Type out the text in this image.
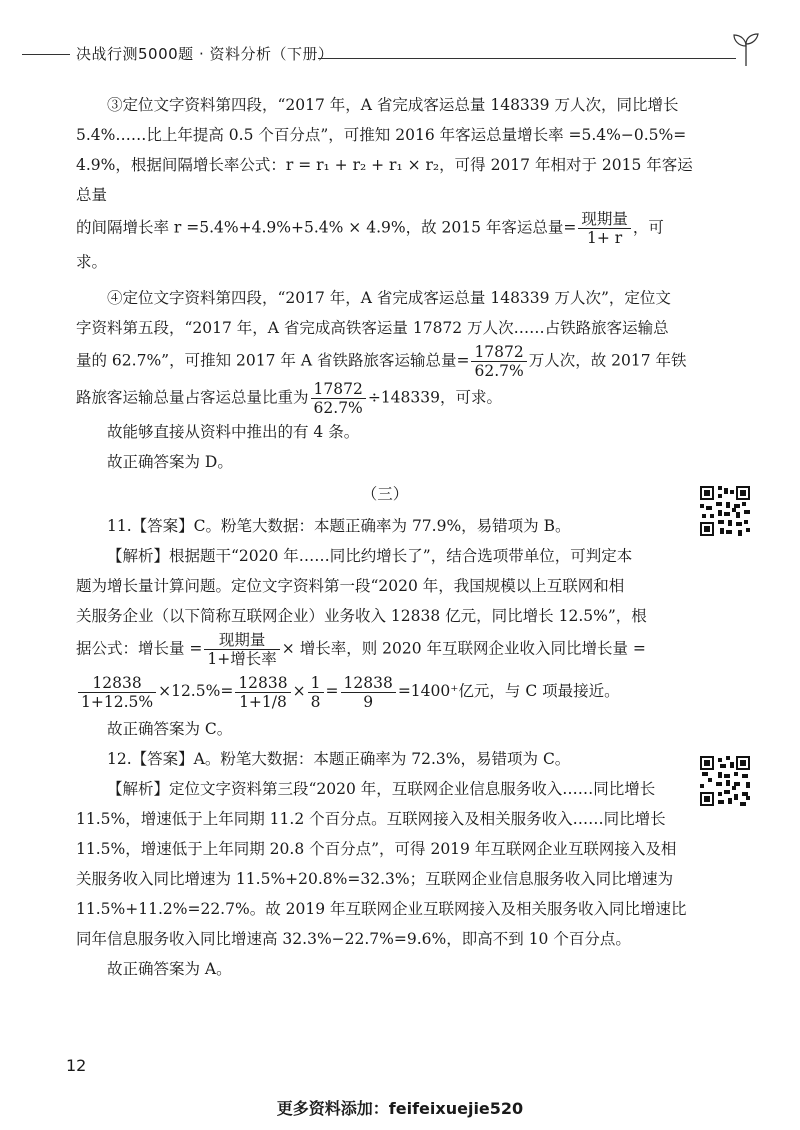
决战行测5000题 · 资料分析（下册）

③定位文字资料第四段，“2017 年，A 省完成客运总量 148339 万人次，同比增长

5.4%……比上年提高 0.5 个百分点”，可推知 2016 年客运总量增长率 =5.4%−0.5%=

4.9%，根据间隔增长率公式：r = r₁ + r₂ + r₁ × r₂，可得 2017 年相对于 2015 年客运总量

的间隔增长率 r =5.4%+4.9%+5.4% × 4.9%，故 2015 年客运总量= $\frac{\text{现期量}}{1+ r}$ ，可求。

④定位文字资料第四段，“2017 年，A 省完成客运总量 148339 万人次”，定位文

字资料第五段，“2017 年，A 省完成高铁客运量 17872 万人次……占铁路旅客运输总

量的 62.7%”，可推知 2017 年 A 省铁路旅客运输总量= $\frac{17872}{62.7\%}$ 万人次，故 2017 年铁

路旅客运输总量占客运总量比重为 $\frac{17872}{62.7\%} \div 148339$，可求。

故能够直接从资料中推出的有 4 条。

故正确答案为 D。

（三）

11.【答案】C。粉笔大数据：本题正确率为 77.9%，易错项为 B。

【解析】根据题干“2020 年……同比约增长了”，结合选项带单位，可判定本

题为增长量计算问题。定位文字资料第一段“2020 年，我国规模以上互联网和相

关服务企业（以下简称互联网企业）业务收入 12838 亿元，同比增长 12.5%”，根

据公式：增长量 = $\frac{\text{现期量}}{\text{1+增长率}}$ × 增长率，则 2020 年互联网企业收入同比增长量 =

$\frac{12838}{1+12.5\%} \times 12.5\%= \frac{12838}{1+1/8} \times \frac{1}{8} = \frac{12838}{9} =1400^+$亿元，与 C 项最接近。

故正确答案为 C。

12.【答案】A。粉笔大数据：本题正确率为 72.3%，易错项为 C。

【解析】定位文字资料第三段“2020 年，互联网企业信息服务收入……同比增长

11.5%，增速低于上年同期 11.2 个百分点。互联网接入及相关服务收入……同比增长

11.5%，增速低于上年同期 20.8 个百分点”，可得 2019 年互联网企业互联网接入及相

关服务收入同比增速为 11.5%+20.8%=32.3%；互联网企业信息服务收入同比增速为

11.5%+11.2%=22.7%。故 2019 年互联网企业互联网接入及相关服务收入同比增速比

同年信息服务收入同比增速高 32.3%−22.7%=9.6%，即高不到 10 个百分点。

故正确答案为 A。

12
更多资料添加：feifeixuejie520
